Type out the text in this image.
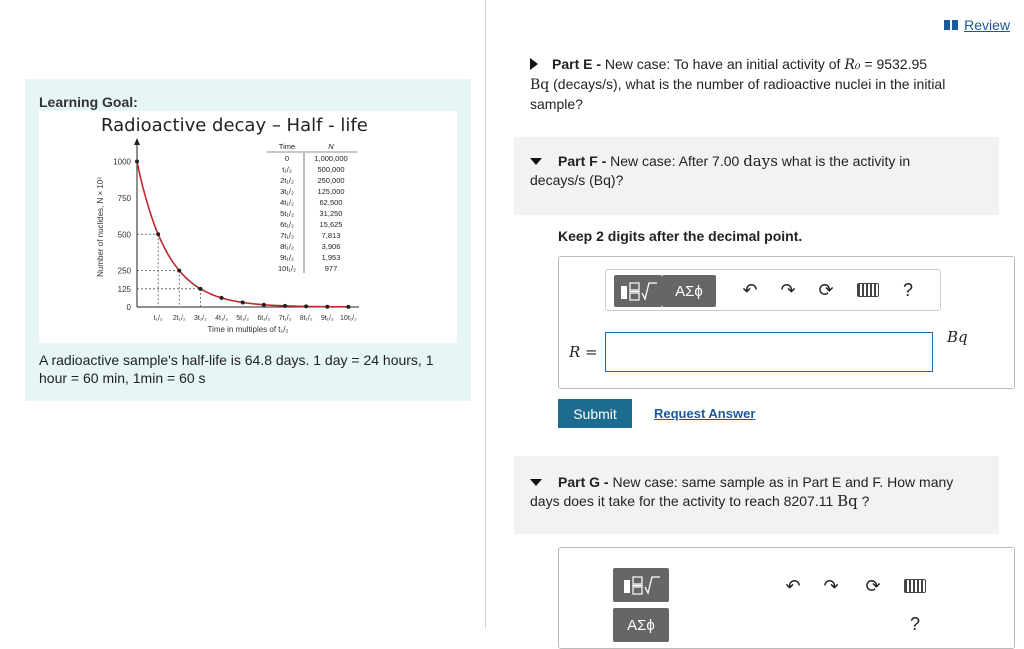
Learning Goal:
Radioactive decay – Half - life
1000
750
500
250
125
0
Number of nuclides, N × 10³
t₁/₂ 2t₁/₂ 3t₁/₂ 4t₁/₂ 5t₁/₂ 6t₁/₂ 7t₁/₂ 8t₁/₂ 9t₁/₂ 10t₁/₂
Time in multiples of t₁/₂
Time	N
0	1,000,000
t₁/₂	500,000
2t₁/₂	250,000
3t₁/₂	125,000
4t₁/₂	62,500
5t₁/₂	31,250
6t₁/₂	15,625
7t₁/₂	7,813
8t₁/₂	3,906
9t₁/₂	1,953
10t₁/₂	977
A radioactive sample's half-life is 64.8 days. 1 day = 24 hours, 1 hour = 60 min, 1min = 60 s
Review
Part E - New case: To have an initial activity of R₀ = 9532.95
Bq (decays/s), what is the number of radioactive nuclei in the initial sample?
Part F - New case: After 7.00 days what is the activity in decays/s (Bq)?
Keep 2 digits after the decimal point.
ΑΣϕ	↶ ↷ ⟳	?
R =
Bq
Submit	Request Answer
Part G - New case: same sample as in Part E and F. How many days does it take for the activity to reach 8207.11 Bq ?
ΑΣϕ
↶ ↷ ⟳
?
